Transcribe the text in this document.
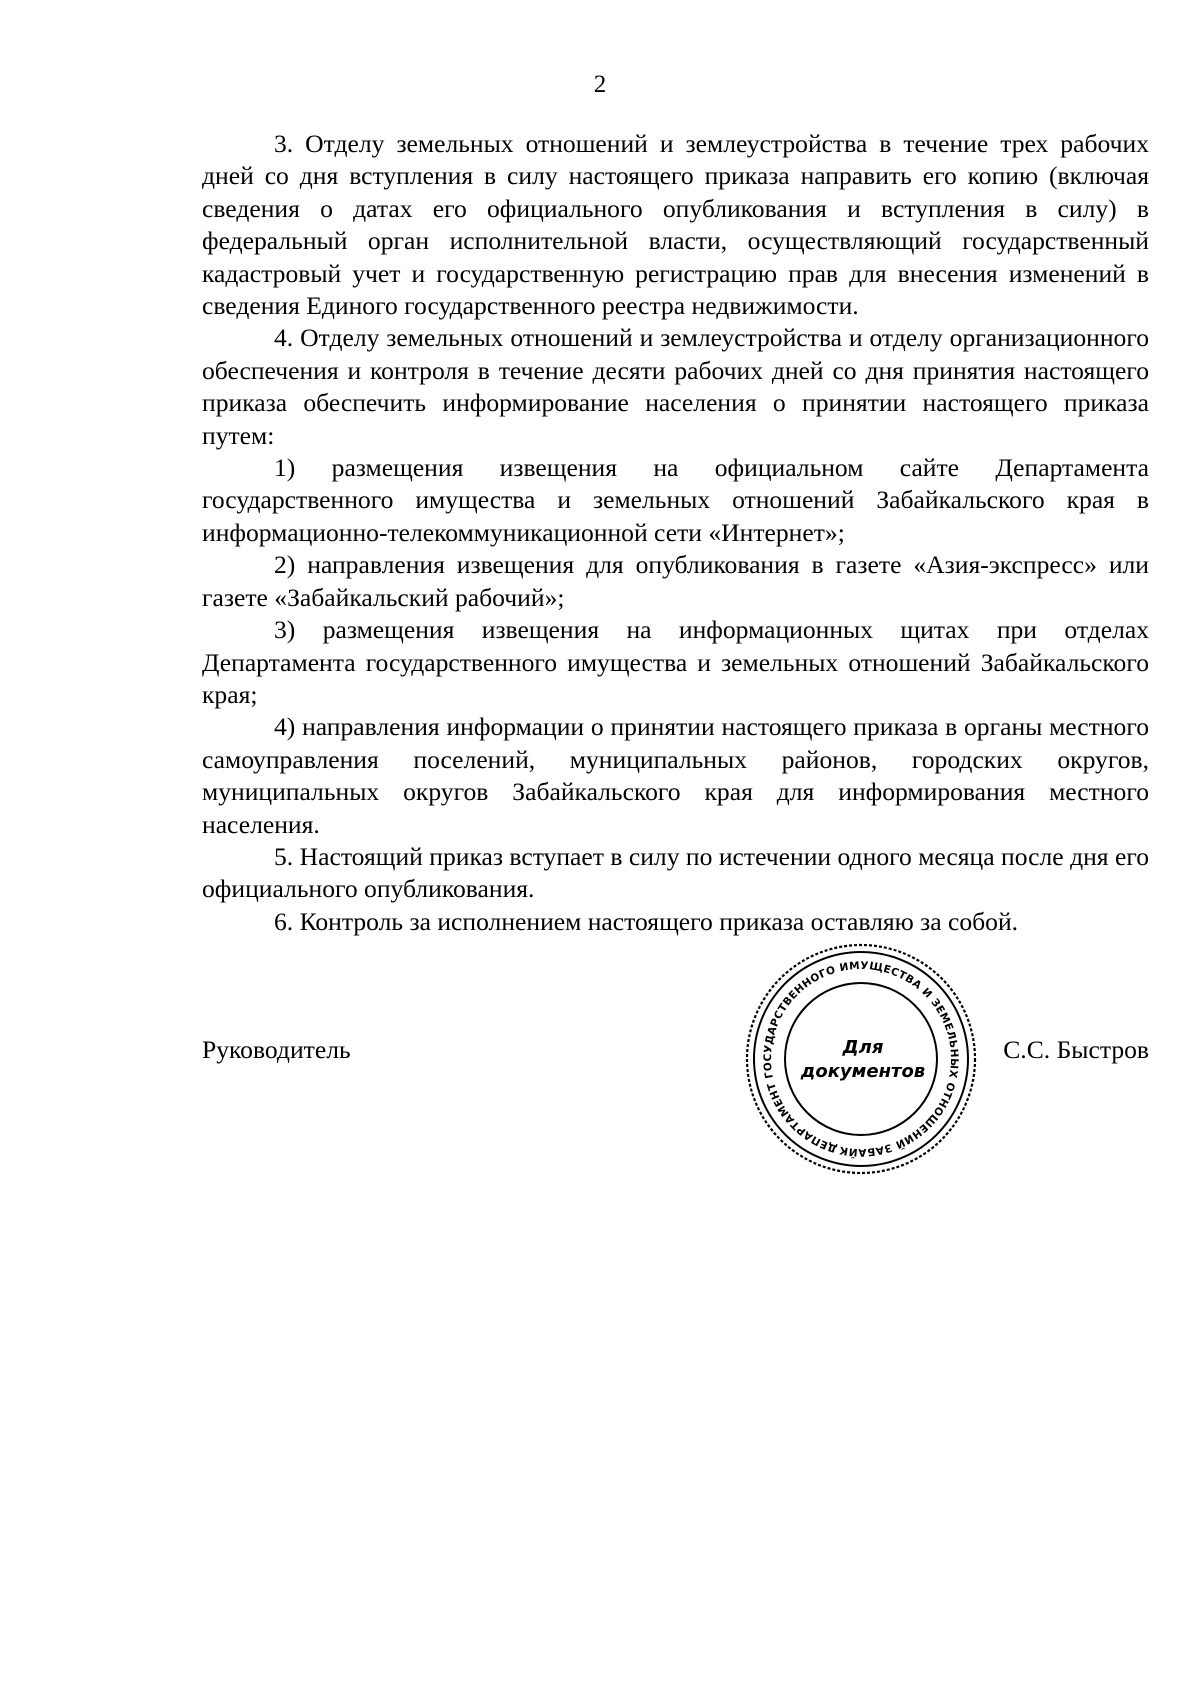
2

3. Отделу земельных отношений и землеустройства в течение трех рабочих дней со дня вступления в силу настоящего приказа направить его копию (включая сведения о датах его официального опубликования и вступления в силу) в федеральный орган исполнительной власти, осуществляющий государственный кадастровый учет и государственную регистрацию прав для внесения изменений в сведения Единого государственного реестра недвижимости.

4. Отделу земельных отношений и землеустройства и отделу организационного обеспечения и контроля в течение десяти рабочих дней со дня принятия настоящего приказа обеспечить информирование населения о принятии настоящего приказа путем:

1) размещения извещения на официальном сайте Департамента государственного имущества и земельных отношений Забайкальского края в информационно-телекоммуникационной сети «Интернет»;

2) направления извещения для опубликования в газете «Азия-экспресс» или газете «Забайкальский рабочий»;

3) размещения извещения на информационных щитах при отделах Департамента государственного имущества и земельных отношений Забайкальского края;

4) направления информации о принятии настоящего приказа в органы местного самоуправления поселений, муниципальных районов, городских округов, муниципальных округов Забайкальского края для информирования местного населения.

5. Настоящий приказ вступает в силу по истечении одного месяца после дня его официального опубликования.

6. Контроль за исполнением настоящего приказа оставляю за собой.

Руководитель	С.С. Быстров
ДЕПАРТАМЕНТ ГОСУДАРСТВЕННОГО ИМУЩЕСТВА И ЗЕМЕЛЬНЫХ ОТНОШЕНИЙ ЗАБАЙКАЛЬСКОГО
Для
документов
